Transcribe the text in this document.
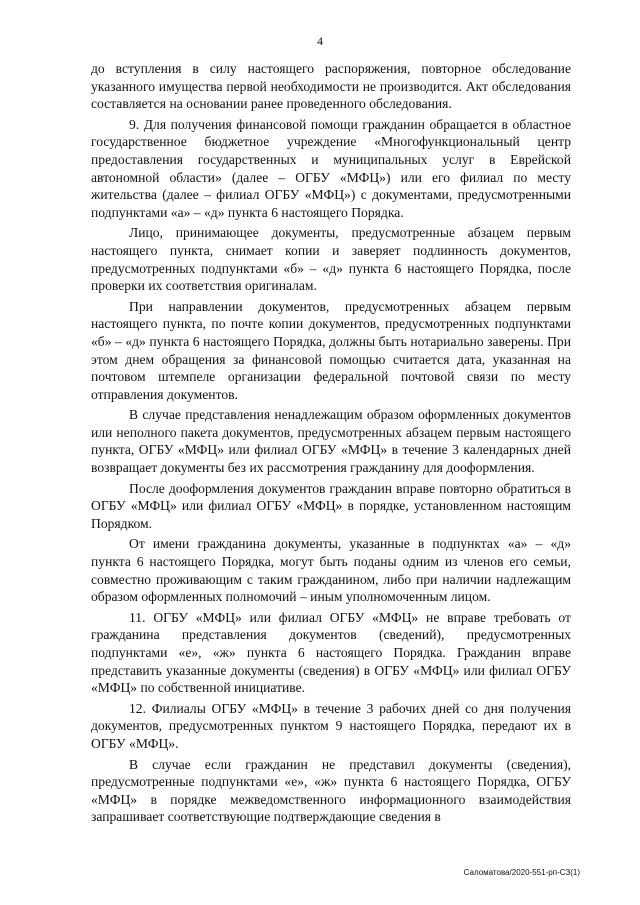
4

до вступления в силу настоящего распоряжения, повторное обследование указанного имущества первой необходимости не производится. Акт обследования составляется на основании ранее проведенного обследования.

9. Для получения финансовой помощи гражданин обращается в областное государственное бюджетное учреждение «Многофункциональный центр предоставления государственных и муниципальных услуг в Еврейской автономной области» (далее – ОГБУ «МФЦ») или его филиал по месту жительства (далее – филиал ОГБУ «МФЦ») с документами, предусмотренными подпунктами «а» – «д» пункта 6 настоящего Порядка.

Лицо, принимающее документы, предусмотренные абзацем первым настоящего пункта, снимает копии и заверяет подлинность документов, предусмотренных подпунктами «б» – «д» пункта 6 настоящего Порядка, после проверки их соответствия оригиналам.

При направлении документов, предусмотренных абзацем первым настоящего пункта, по почте копии документов, предусмотренных подпунктами «б» – «д» пункта 6 настоящего Порядка, должны быть нотариально заверены. При этом днем обращения за финансовой помощью считается дата, указанная на почтовом штемпеле организации федеральной почтовой связи по месту отправления документов.

В случае представления ненадлежащим образом оформленных документов или неполного пакета документов, предусмотренных абзацем первым настоящего пункта, ОГБУ «МФЦ» или филиал ОГБУ «МФЦ» в течение 3 календарных дней возвращает документы без их рассмотрения гражданину для дооформления.

После дооформления документов гражданин вправе повторно обратиться в ОГБУ «МФЦ» или филиал ОГБУ «МФЦ» в порядке, установленном настоящим Порядком.

От имени гражданина документы, указанные в подпунктах «а» – «д» пункта 6 настоящего Порядка, могут быть поданы одним из членов его семьи, совместно проживающим с таким гражданином, либо при наличии надлежащим образом оформленных полномочий – иным уполномоченным лицом.

11. ОГБУ «МФЦ» или филиал ОГБУ «МФЦ» не вправе требовать от гражданина представления документов (сведений), предусмотренных подпунктами «е», «ж» пункта 6 настоящего Порядка. Гражданин вправе представить указанные документы (сведения) в ОГБУ «МФЦ» или филиал ОГБУ «МФЦ» по собственной инициативе.

12. Филиалы ОГБУ «МФЦ» в течение 3 рабочих дней со дня получения документов, предусмотренных пунктом 9 настоящего Порядка, передают их в ОГБУ «МФЦ».

В случае если гражданин не представил документы (сведения), предусмотренные подпунктами «е», «ж» пункта 6 настоящего Порядка, ОГБУ «МФЦ» в порядке межведомственного информационного взаимодействия запрашивает соответствующие подтверждающие сведения в

Саломатова/2020-551-рп-СЗ(1)
